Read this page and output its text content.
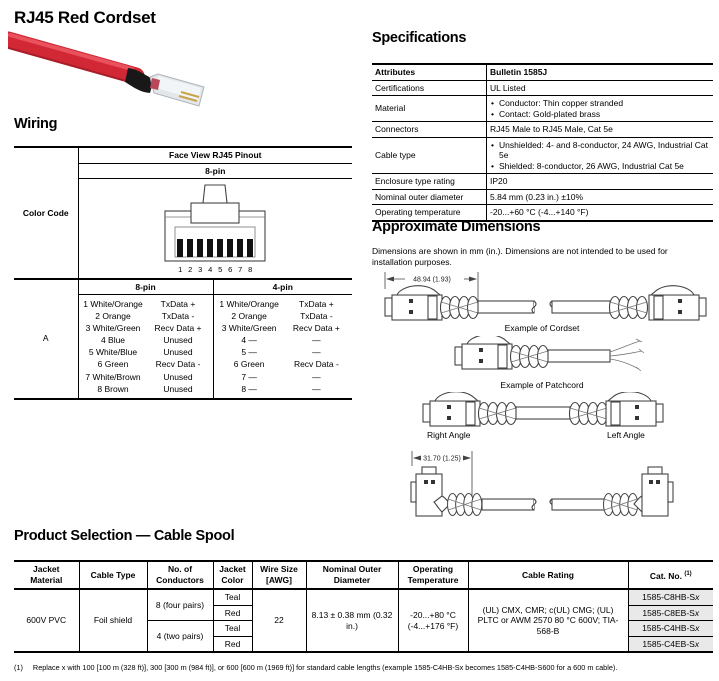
RJ45 Red Cordset
Wiring
Color Code	Face View RJ45 Pinout	
	8-pin	

1 2 3 4 5 6 7 8

A	8-pin	4-pin

1 White/Orange	TxData +
2 Orange	TxData -
3 White/Green	Recv Data +
4 Blue	Unused
5 White/Blue	Unused
6 Green	Recv Data -
7 White/Brown	Unused
8 Brown	Unused

1 White/Orange	TxData +
2 Orange	TxData -
3 White/Green	Recv Data +
4 —	—
5 —	—
6 Green	Recv Data -
7 —	—
8 —	—
Specifications
Attributes	Bulletin 1585J
Certifications	UL Listed
Material	• Conductor: Thin copper stranded
• Contact: Gold-plated brass

Connectors	RJ45 Male to RJ45 Male, Cat 5e
Cable type	• Unshielded: 4- and 8-conductor, 24 AWG, Industrial Cat 5e
• Shielded: 8-conductor, 26 AWG, Industrial Cat 5e

Enclosure type rating	IP20
Nominal outer diameter	5.84 mm (0.23 in.) ±10%
Operating temperature	-20...+60 °C (-4...+140 °F)
Approximate Dimensions
Dimensions are shown in mm (in.). Dimensions are not intended to be used for installation purposes.
48.94 (1.93)
Example of Cordset
Example of Patchcord
Right Angle	Left Angle
31.70 (1.25)
Product Selection — Cable Spool
Jacket Material	Cable Type	No. of Conductors	Jacket Color	Wire Size [AWG]	Nominal Outer Diameter	Operating Temperature	Cable Rating	Cat. No. $^{(1)}$
600V PVC	Foil shield	8 (four pairs)	Teal	22	8.13 ± 0.38 mm (0.32 in.)	-20...+80 °C (-4...+176 °F)	(UL) CMX, CMR; c(UL) CMG; (UL) PLTC or AWM 2570 80 °C 600V; TIA-568-B	1585-C8HB-Sx
			Red					1585-C8EB-Sx
		4 (two pairs)	Teal					1585-C4HB-Sx
			Red					1585-C4EB-Sx
(1) Replace x with 100 [100 m (328 ft)], 300 [300 m (984 ft)], or 600 [600 m (1969 ft)] for standard cable lengths (example 1585-C4HB-Sx becomes 1585-C4HB-S600 for a 600 m cable).
